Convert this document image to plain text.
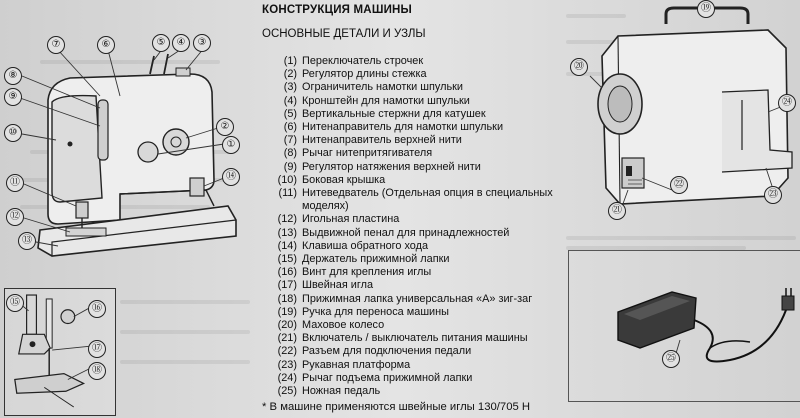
⑦	⑥	⑤	④	③
⑧
⑨
⑩
②
①
⑪
⑭
⑫
⑬
⑮
⑯
⑰
⑱
КОНСТРУКЦИЯ МАШИНЫ
ОСНОВНЫЕ ДЕТАЛИ И УЗЛЫ
(1) Переключатель строчек
(2) Регулятор длины стежка
(3) Ограничитель намотки шпульки
(4) Кронштейн для намотки шпульки
(5) Вертикальные стержни для катушек
(6) Нитенаправитель для намотки шпульки
(7) Нитенаправитель верхней нити
(8) Рычаг нитепритягивателя
(9) Регулятор натяжения верхней нити
(10) Боковая крышка
(11) Нитеведватель (Отдельная опция в специальных моделях)
(12) Игольная пластина
(13) Выдвижной пенал для принадлежностей
(14) Клавиша обратного хода
(15) Держатель прижимной лапки
(16) Винт для крепления иглы
(17) Швейная игла
(18) Прижимная лапка универсальная «А» зиг-заг
(19) Ручка для переноса машины
(20) Маховое колесо
(21) Включатель / выключатель питания машины
(22) Разъем для подключения педали
(23) Рукавная платформа
(24) Рычаг подъема прижимной лапки
(25) Ножная педаль
* В машине применяются швейные иглы 130/705 H
⑲
⑳
㉔
㉓
㉑
㉒
㉕
